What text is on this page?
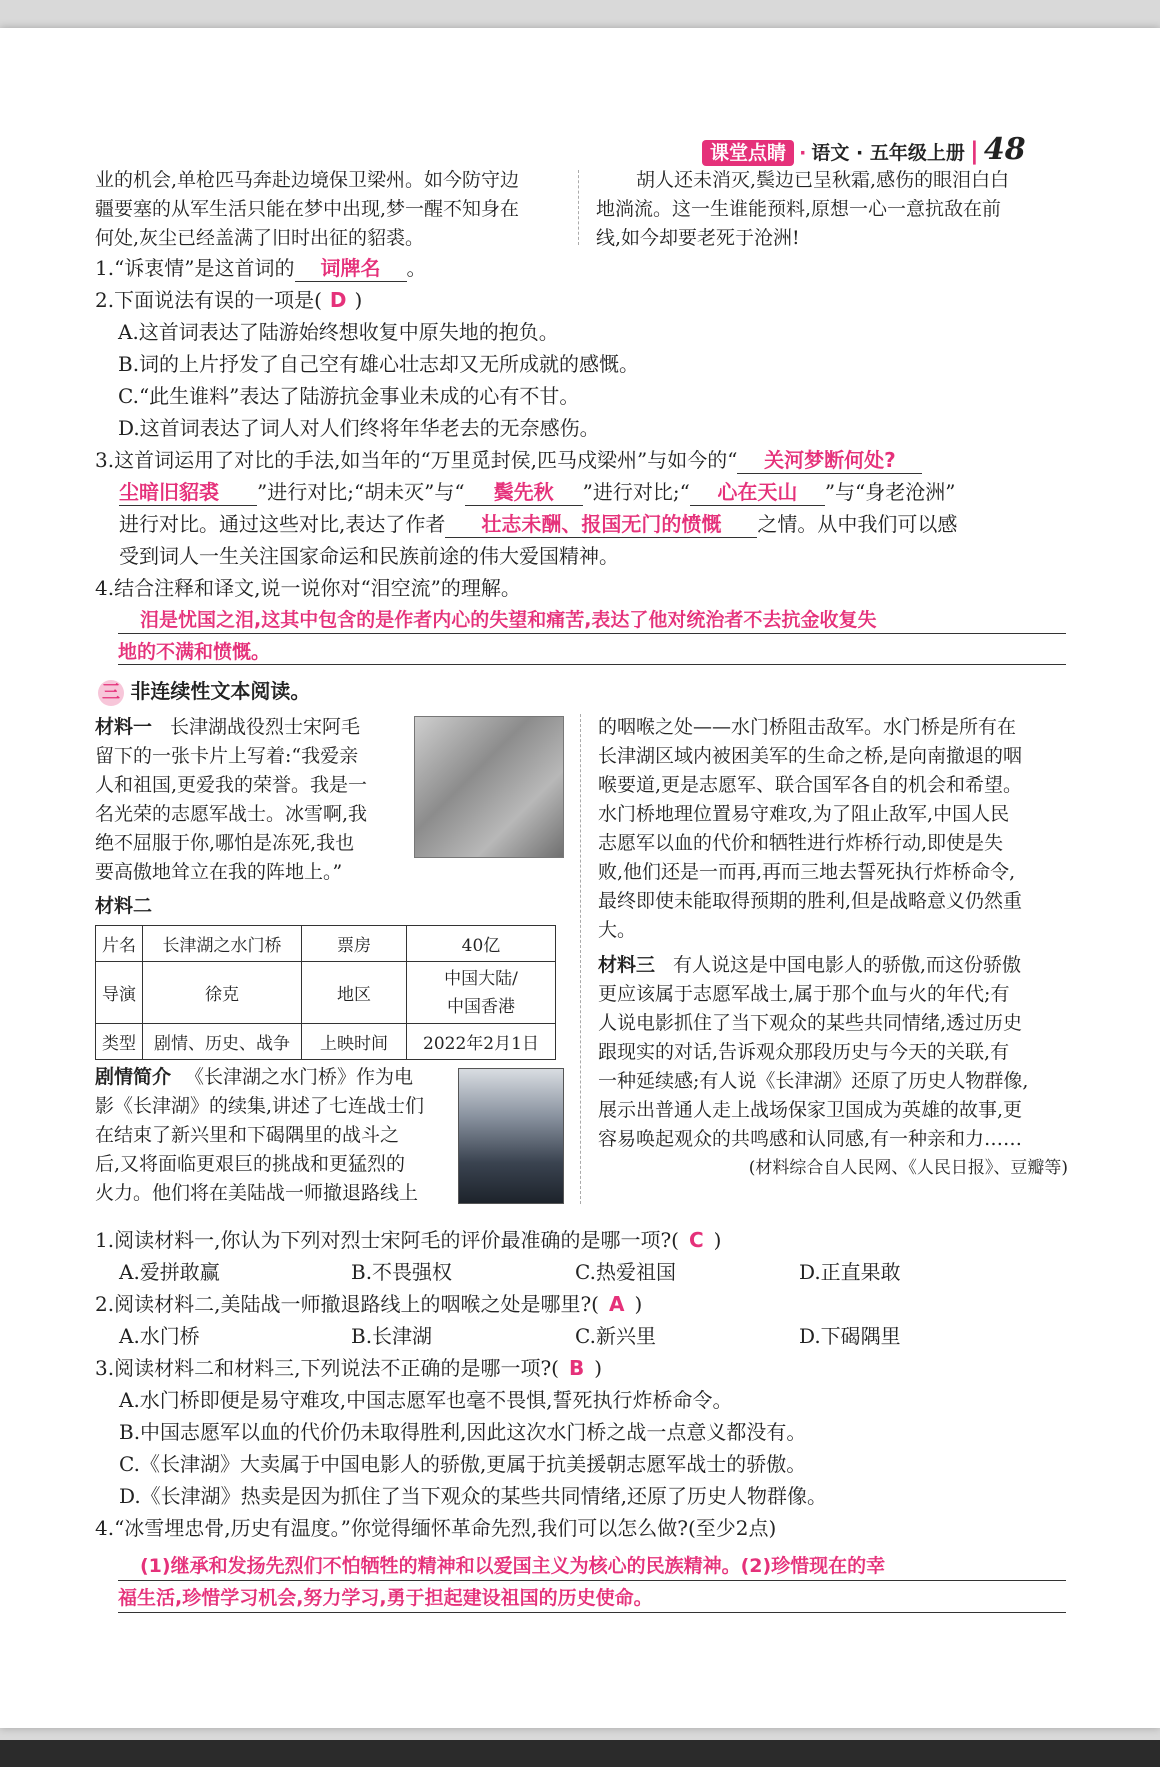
课堂点睛 · 语文 · 五年级上册 | 48
业的机会,单枪匹马奔赴边境保卫梁州。如今防守边
疆要塞的从军生活只能在梦中出现,梦一醒不知身在
何处,灰尘已经盖满了旧时出征的貂裘。
胡人还未消灭,鬓边已呈秋霜,感伤的眼泪白白
地淌流。这一生谁能预料,原想一心一意抗敌在前
线,如今却要老死于沧洲!
1.“诉衷情”是这首词的 词牌名 。
2.下面说法有误的一项是( D )
A.这首词表达了陆游始终想收复中原失地的抱负。
B.词的上片抒发了自己空有雄心壮志却又无所成就的感慨。
C.“此生谁料”表达了陆游抗金事业未成的心有不甘。
D.这首词表达了词人对人们终将年华老去的无奈感伤。
3.这首词运用了对比的手法,如当年的“万里觅封侯,匹马戍梁州”与如今的“ 关河梦断何处?
尘暗旧貂裘 ”进行对比;“胡未灭”与“ 鬓先秋 ”进行对比;“ 心在天山 ”与“身老沧洲”
进行对比。通过这些对比,表达了作者 壮志未酬、报国无门的愤慨 之情。从中我们可以感
受到词人一生关注国家命运和民族前途的伟大爱国精神。
4.结合注释和译文,说一说你对“泪空流”的理解。
泪是忧国之泪,这其中包含的是作者内心的失望和痛苦,表达了他对统治者不去抗金收复失
地的不满和愤慨。
三 非连续性文本阅读。
材料一 长津湖战役烈士宋阿毛
留下的一张卡片上写着:“我爱亲
人和祖国,更爱我的荣誉。我是一
名光荣的志愿军战士。冰雪啊,我
绝不屈服于你,哪怕是冻死,我也
要高傲地耸立在我的阵地上。”
材料二
片名	长津湖之水门桥	票房	40亿
导演	徐克	地区	中国大陆/
中国香港

类型	剧情、历史、战争	上映时间	2022年2月1日
剧情简介 《长津湖之水门桥》作为电
影《长津湖》的续集,讲述了七连战士们
在结束了新兴里和下碣隅里的战斗之
后,又将面临更艰巨的挑战和更猛烈的
火力。他们将在美陆战一师撤退路线上
的咽喉之处——水门桥阻击敌军。水门桥是所有在
长津湖区域内被困美军的生命之桥,是向南撤退的咽
喉要道,更是志愿军、联合国军各自的机会和希望。
水门桥地理位置易守难攻,为了阻止敌军,中国人民
志愿军以血的代价和牺牲进行炸桥行动,即使是失
败,他们还是一而再,再而三地去誓死执行炸桥命令,
最终即使未能取得预期的胜利,但是战略意义仍然重
大。
材料三 有人说这是中国电影人的骄傲,而这份骄傲
更应该属于志愿军战士,属于那个血与火的年代;有
人说电影抓住了当下观众的某些共同情绪,透过历史
跟现实的对话,告诉观众那段历史与今天的关联,有
一种延续感;有人说《长津湖》还原了历史人物群像,
展示出普通人走上战场保家卫国成为英雄的故事,更
容易唤起观众的共鸣感和认同感,有一种亲和力……
(材料综合自人民网、《人民日报》、豆瓣等)
1.阅读材料一,你认为下列对烈士宋阿毛的评价最准确的是哪一项?( C )
A.爱拼敢赢	B.不畏强权	C.热爱祖国	D.正直果敢
2.阅读材料二,美陆战一师撤退路线上的咽喉之处是哪里?( A )
A.水门桥	B.长津湖	C.新兴里	D.下碣隅里
3.阅读材料二和材料三,下列说法不正确的是哪一项?( B )
A.水门桥即便是易守难攻,中国志愿军也毫不畏惧,誓死执行炸桥命令。
B.中国志愿军以血的代价仍未取得胜利,因此这次水门桥之战一点意义都没有。
C.《长津湖》大卖属于中国电影人的骄傲,更属于抗美援朝志愿军战士的骄傲。
D.《长津湖》热卖是因为抓住了当下观众的某些共同情绪,还原了历史人物群像。
4.“冰雪埋忠骨,历史有温度。”你觉得缅怀革命先烈,我们可以怎么做?(至少2点)
(1)继承和发扬先烈们不怕牺牲的精神和以爱国主义为核心的民族精神。(2)珍惜现在的幸
福生活,珍惜学习机会,努力学习,勇于担起建设祖国的历史使命。
